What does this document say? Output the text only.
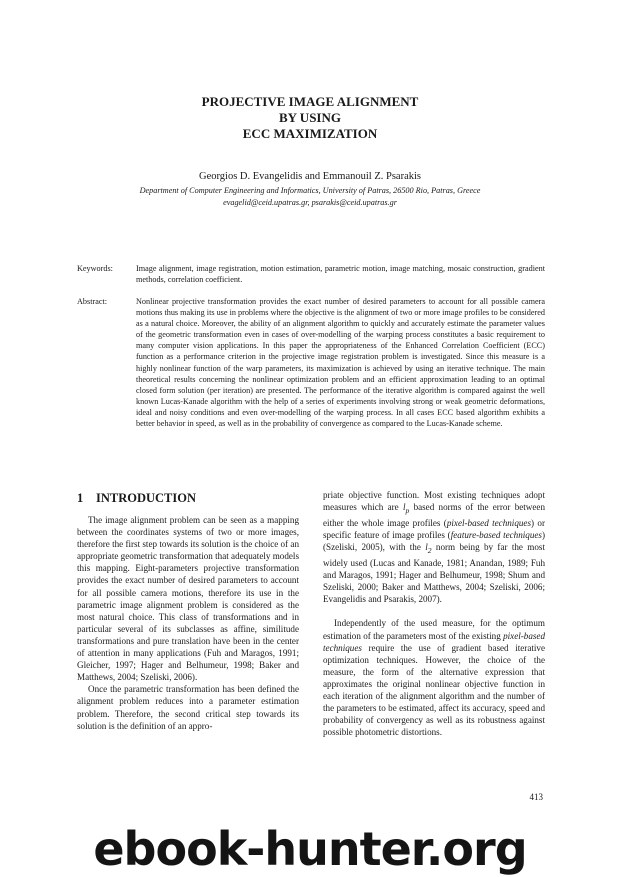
PROJECTIVE IMAGE ALIGNMENT
BY USING
ECC MAXIMIZATION
Georgios D. Evangelidis and Emmanouil Z. Psarakis
Department of Computer Engineering and Informatics, University of Patras, 26500 Rio, Patras, Greece
evagelid@ceid.upatras.gr, psarakis@ceid.upatras.gr
Keywords:	Image alignment, image registration, motion estimation, parametric motion, image matching, mosaic construction, gradient methods, correlation coefficient.
Abstract:	Nonlinear projective transformation provides the exact number of desired parameters to account for all possible camera motions thus making its use in problems where the objective is the alignment of two or more image profiles to be considered as a natural choice. Moreover, the ability of an alignment algorithm to quickly and accurately estimate the parameter values of the geometric transformation even in cases of over-modelling of the warping process constitutes a basic requirement to many computer vision applications. In this paper the appropriateness of the Enhanced Correlation Coefficient (ECC) function as a performance criterion in the projective image registration problem is investigated. Since this measure is a highly nonlinear function of the warp parameters, its maximization is achieved by using an iterative technique. The main theoretical results concerning the nonlinear optimization problem and an efficient approximation leading to an optimal closed form solution (per iteration) are presented. The performance of the iterative algorithm is compared against the well known Lucas-Kanade algorithm with the help of a series of experiments involving strong or weak geometric deformations, ideal and noisy conditions and even over-modelling of the warping process. In all cases ECC based algorithm exhibits a better behavior in speed, as well as in the probability of convergence as compared to the Lucas-Kanade scheme.
1 INTRODUCTION

The image alignment problem can be seen as a mapping between the coordinates systems of two or more images, therefore the first step towards its solution is the choice of an appropriate geometric transformation that adequately models this mapping. Eight-parameters projective transformation provides the exact number of desired parameters to account for all possible camera motions, therefore its use in the parametric image alignment problem is considered as the most natural choice. This class of transformations and in particular several of its subclasses as affine, similitude transformations and pure translation have been in the center of attention in many applications (Fuh and Maragos, 1991; Gleicher, 1997; Hager and Belhumeur, 1998; Baker and Matthews, 2004; Szeliski, 2006).

Once the parametric transformation has been defined the alignment problem reduces into a parameter estimation problem. Therefore, the second critical step towards its solution is the definition of an appro-

priate objective function. Most existing techniques adopt measures which are $l_p$ based norms of the error between either the whole image profiles (pixel-based techniques) or specific feature of image profiles (feature-based techniques) (Szeliski, 2005), with the $l_2$ norm being by far the most widely used (Lucas and Kanade, 1981; Anandan, 1989; Fuh and Maragos, 1991; Hager and Belhumeur, 1998; Shum and Szeliski, 2000; Baker and Matthews, 2004; Szeliski, 2006; Evangelidis and Psarakis, 2007).

Independently of the used measure, for the optimum estimation of the parameters most of the existing pixel-based techniques require the use of gradient based iterative optimization techniques. However, the choice of the measure, the form of the alternative expression that approximates the original nonlinear objective function in each iteration of the alignment algorithm and the number of the parameters to be estimated, affect its accuracy, speed and probability of convergency as well as its robustness against possible photometric distortions.

413
ebook-hunter.org
